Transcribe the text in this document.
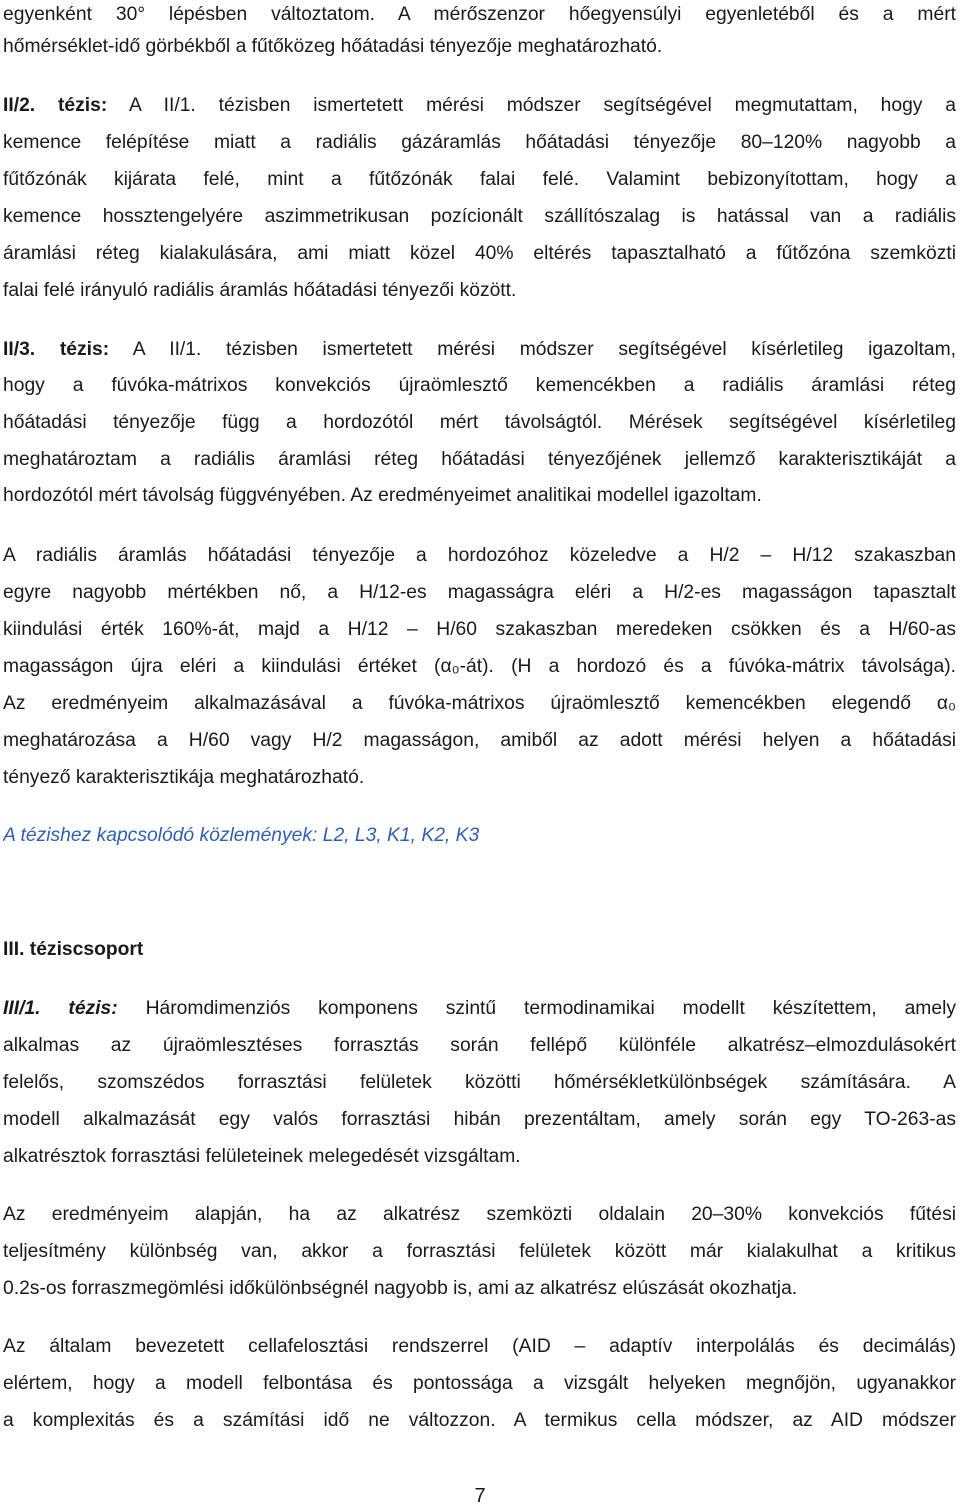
egyenként 30° lépésben változtatom. A mérőszenzor hőegyensúlyi egyenletéből és a mért
hőmérséklet-idő görbékből a fűtőközeg hőátadási tényezője meghatározható.
II/2. tézis: A II/1. tézisben ismertetett mérési módszer segítségével megmutattam, hogy a
kemence felépítése miatt a radiális gázáramlás hőátadási tényezője 80–120% nagyobb a
fűtőzónák kijárata felé, mint a fűtőzónák falai felé. Valamint bebizonyítottam, hogy a
kemence hossztengelyére aszimmetrikusan pozícionált szállítószalag is hatással van a radiális
áramlási réteg kialakulására, ami miatt közel 40% eltérés tapasztalható a fűtőzóna szemközti
falai felé irányuló radiális áramlás hőátadási tényezői között.
II/3. tézis: A II/1. tézisben ismertetett mérési módszer segítségével kísérletileg igazoltam,
hogy a fúvóka-mátrixos konvekciós újraömlesztő kemencékben a radiális áramlási réteg
hőátadási tényezője függ a hordozótól mért távolságtól. Mérések segítségével kísérletileg
meghatároztam a radiális áramlási réteg hőátadási tényezőjének jellemző karakterisztikáját a
hordozótól mért távolság függvényében. Az eredményeimet analitikai modellel igazoltam.
A radiális áramlás hőátadási tényezője a hordozóhoz közeledve a H/2 – H/12 szakaszban
egyre nagyobb mértékben nő, a H/12-es magasságra eléri a H/2-es magasságon tapasztalt
kiindulási érték 160%-át, majd a H/12 – H/60 szakaszban meredeken csökken és a H/60-as
magasságon újra eléri a kiindulási értéket (α₀-át). (H a hordozó és a fúvóka-mátrix távolsága).
Az eredményeim alkalmazásával a fúvóka-mátrixos újraömlesztő kemencékben elegendő α₀
meghatározása a H/60 vagy H/2 magasságon, amiből az adott mérési helyen a hőátadási
tényező karakterisztikája meghatározható.
A tézishez kapcsolódó közlemények: L2, L3, K1, K2, K3
III. téziscsoport
III/1. tézis: Háromdimenziós komponens szintű termodinamikai modellt készítettem, amely
alkalmas az újraömlesztéses forrasztás során fellépő különféle alkatrész–elmozdulásokért
felelős, szomszédos forrasztási felületek közötti hőmérsékletkülönbségek számítására. A
modell alkalmazását egy valós forrasztási hibán prezentáltam, amely során egy TO-263-as
alkatrésztok forrasztási felületeinek melegedését vizsgáltam.
Az eredményeim alapján, ha az alkatrész szemközti oldalain 20–30% konvekciós fűtési
teljesítmény különbség van, akkor a forrasztási felületek között már kialakulhat a kritikus
0.2s-os forraszmegömlési időkülönbségnél nagyobb is, ami az alkatrész elúszását okozhatja.
Az általam bevezetett cellafelosztási rendszerrel (AID – adaptív interpolálás és decimálás)
elértem, hogy a modell felbontása és pontossága a vizsgált helyeken megnőjön, ugyanakkor
a komplexitás és a számítási idő ne változzon. A termikus cella módszer, az AID módszer
7
